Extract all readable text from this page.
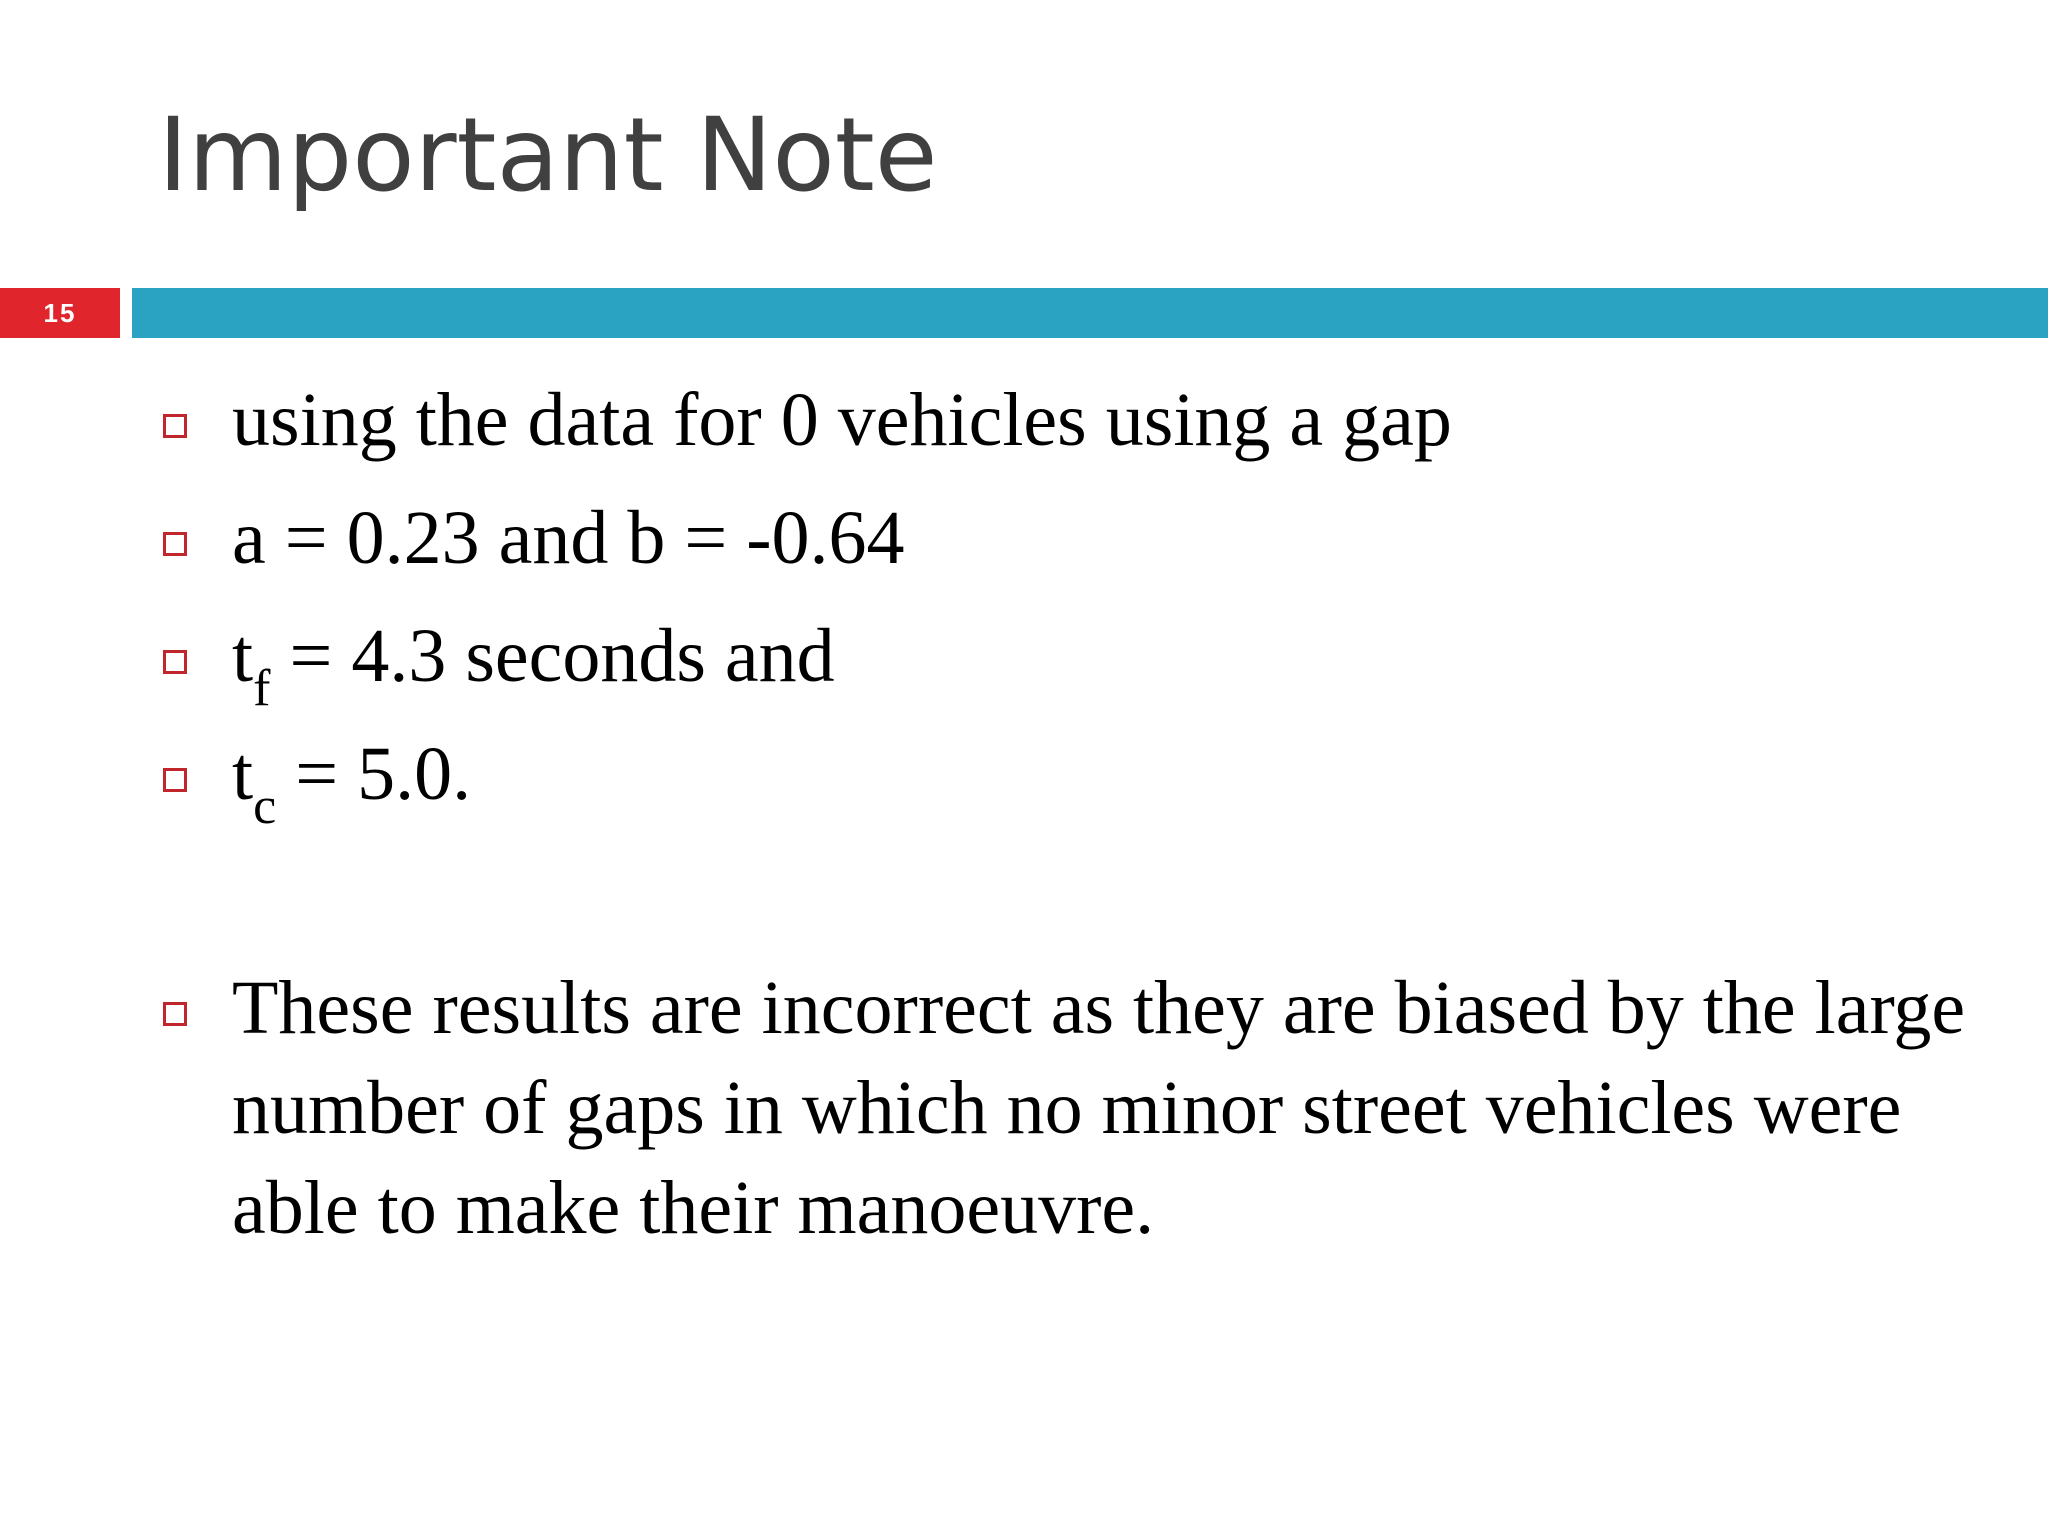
Important Note
15
using the data for 0 vehicles using a gap
a = 0.23 and b = -0.64
$t_f = 4.3$ seconds and
$t_c = 5.0$.
These results are incorrect as they are biased by the large number of gaps in which no minor street vehicles were able to make their manoeuvre.
